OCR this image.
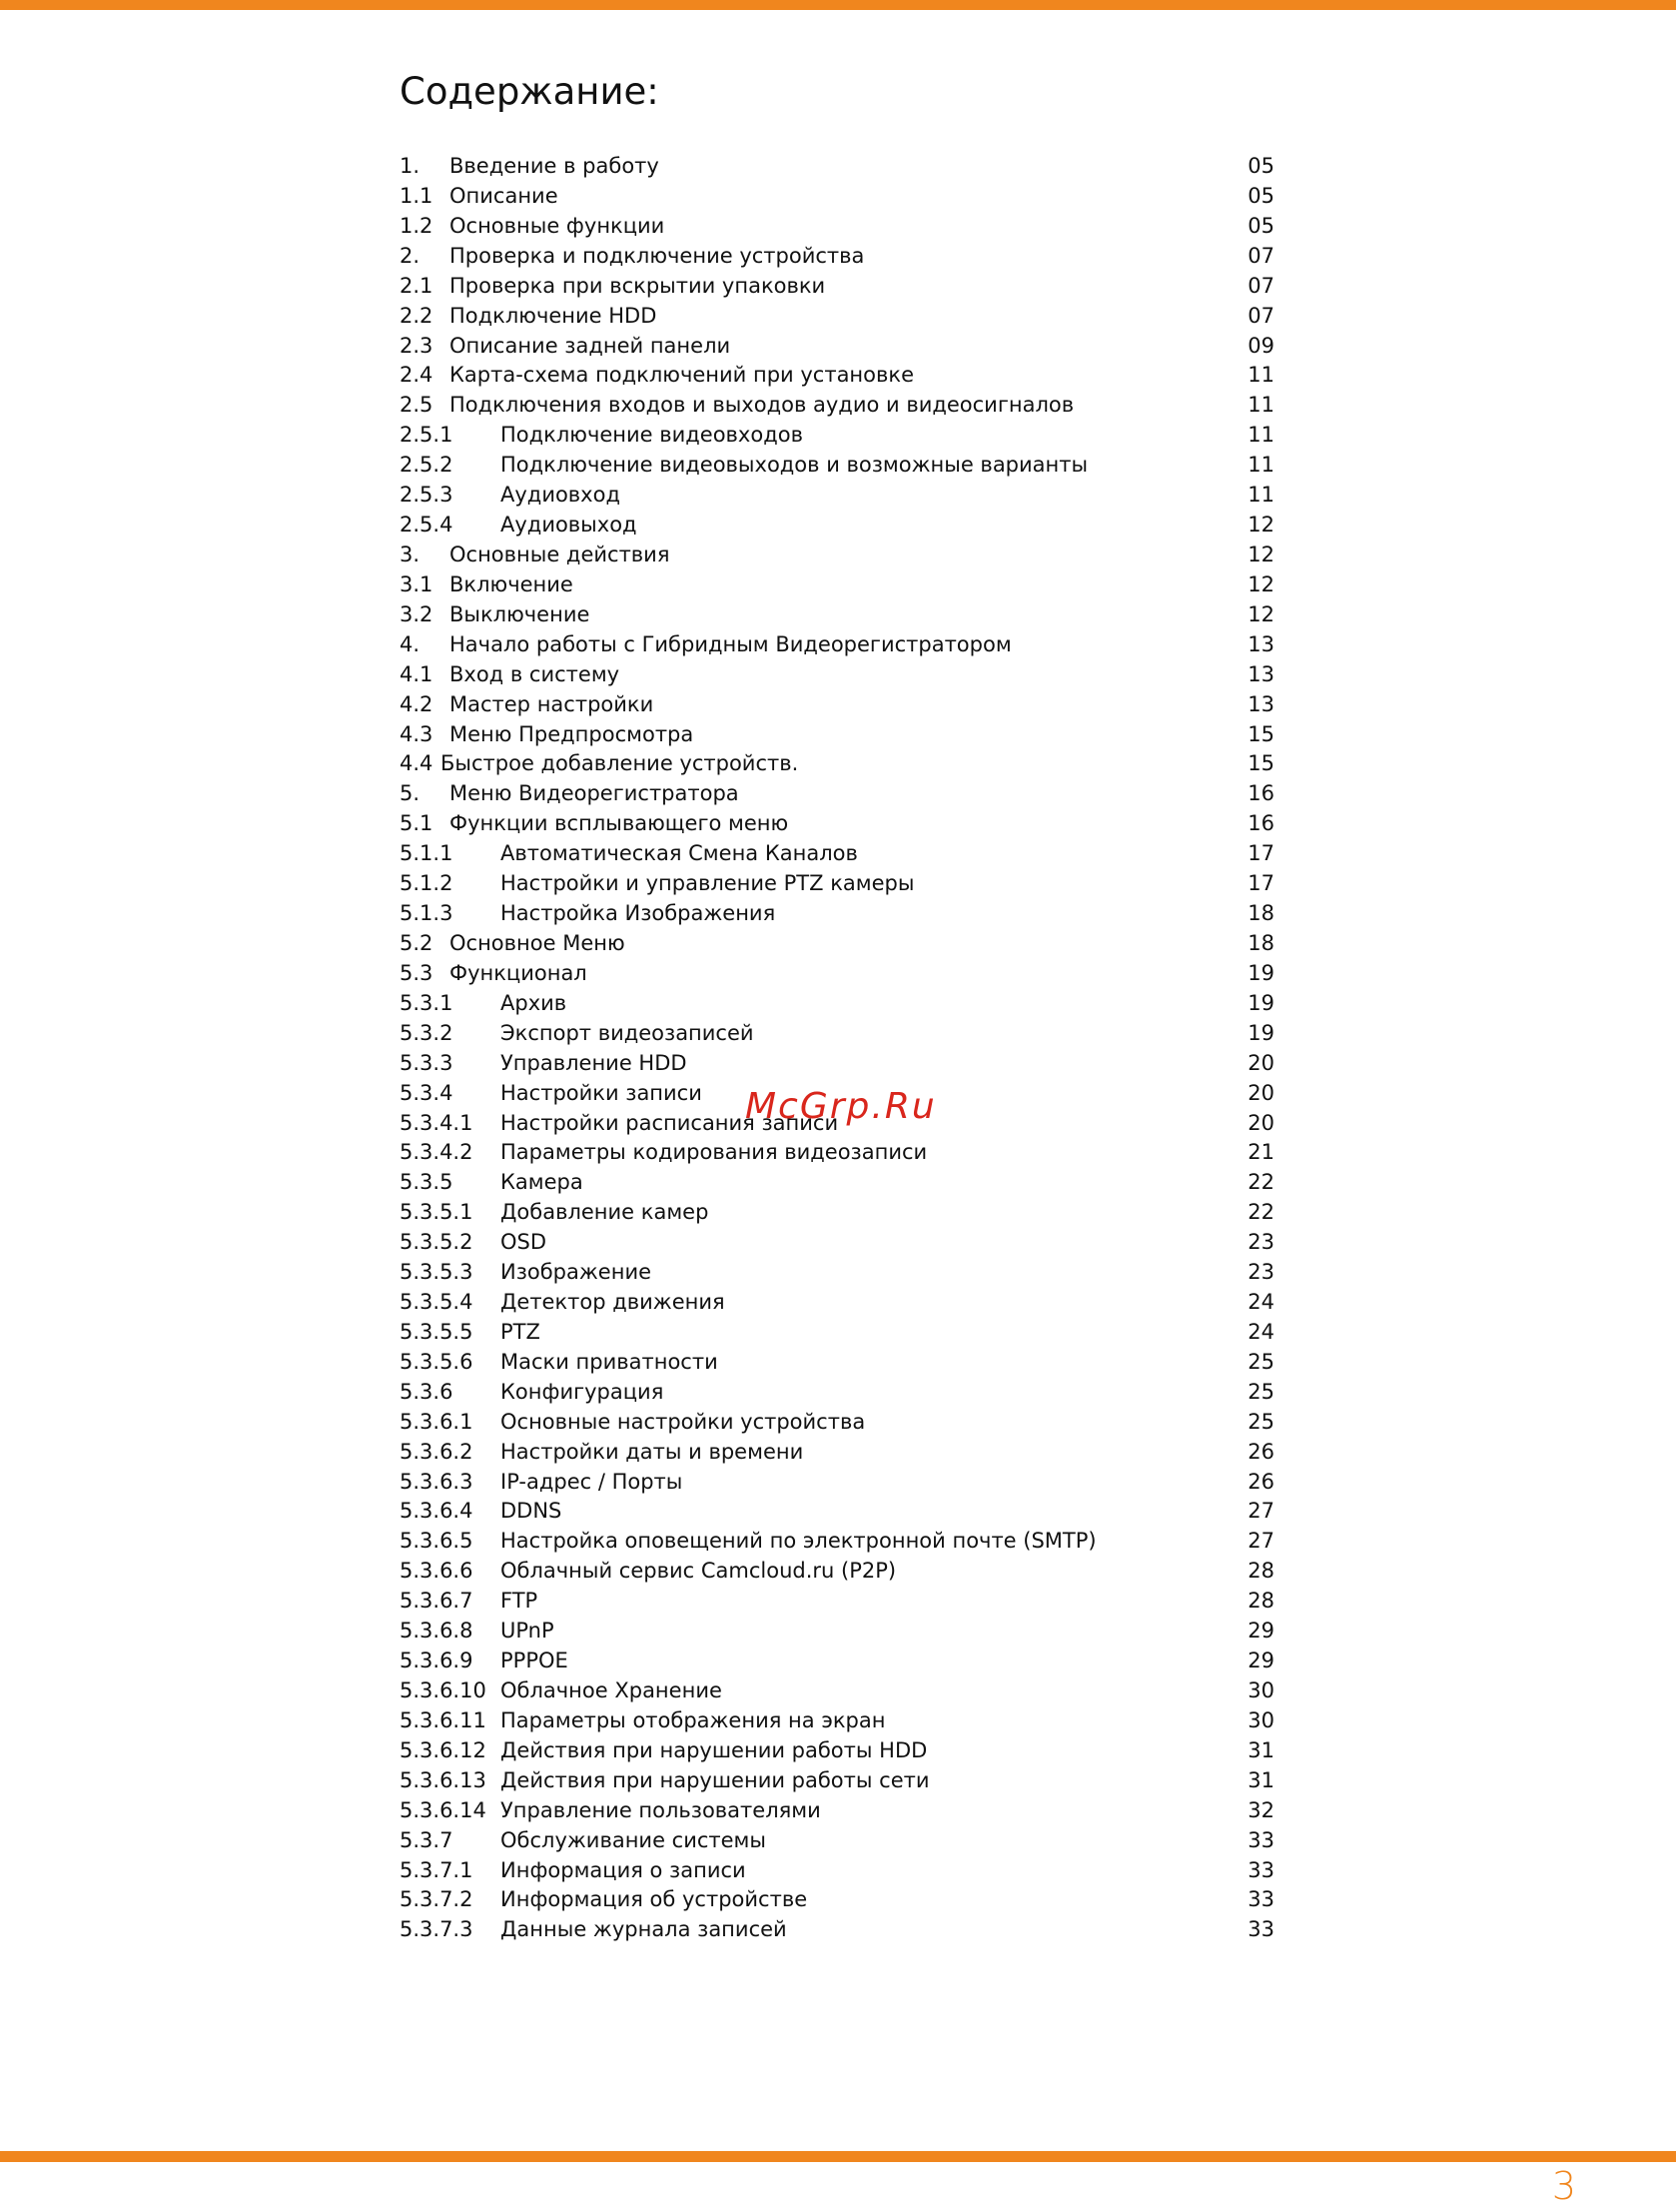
Содержание:
1. Введение в работу	05
1.1 Описание	05
1.2 Основные функции	05
2. Проверка и подключение устройства	07
2.1 Проверка при вскрытии упаковки	07
2.2 Подключение HDD	07
2.3 Описание задней панели	09
2.4 Карта-схема подключений при установке	11
2.5 Подключения входов и выходов аудио и видеосигналов	11
2.5.1 Подключение видеовходов	11
2.5.2 Подключение видеовыходов и возможные варианты	11
2.5.3 Аудиовход	11
2.5.4 Аудиовыход	12
3. Основные действия	12
3.1 Включение	12
3.2 Выключение	12
4. Начало работы с Гибридным Видеорегистратором	13
4.1 Вход в систему	13
4.2 Мастер настройки	13
4.3 Меню Предпросмотра	15
4.4 Быстрое добавление устройств.	15
5. Меню Видеорегистратора	16
5.1 Функции всплывающего меню	16
5.1.1 Автоматическая Смена Каналов	17
5.1.2 Настройки и управление PTZ камеры	17
5.1.3 Настройка Изображения	18
5.2 Основное Меню	18
5.3 Функционал	19
5.3.1 Архив	19
5.3.2 Экспорт видеозаписей	19
5.3.3 Управление HDD	20
5.3.4 Настройки записи	20
5.3.4.1 Настройки расписания записи	20
5.3.4.2 Параметры кодирования видеозаписи	21
5.3.5 Камера	22
5.3.5.1 Добавление камер	22
5.3.5.2 OSD	23
5.3.5.3 Изображение	23
5.3.5.4 Детектор движения	24
5.3.5.5 PTZ	24
5.3.5.6 Маски приватности	25
5.3.6 Конфигурация	25
5.3.6.1 Основные настройки устройства	25
5.3.6.2 Настройки даты и времени	26
5.3.6.3 IP-адрес / Порты	26
5.3.6.4 DDNS	27
5.3.6.5 Настройка оповещений по электронной почте (SMTP)	27
5.3.6.6 Облачный сервис Camcloud.ru (P2P)	28
5.3.6.7 FTP	28
5.3.6.8 UPnP	29
5.3.6.9 PPPOE	29
5.3.6.10 Облачное Хранение	30
5.3.6.11 Параметры отображения на экран	30
5.3.6.12 Действия при нарушении работы HDD	31
5.3.6.13 Действия при нарушении работы сети	31
5.3.6.14 Управление пользователями	32
5.3.7 Обслуживание системы	33
5.3.7.1 Информация о записи	33
5.3.7.2 Информация об устройстве	33
5.3.7.3 Данные журнала записей	33
McGrp.Ru
3
